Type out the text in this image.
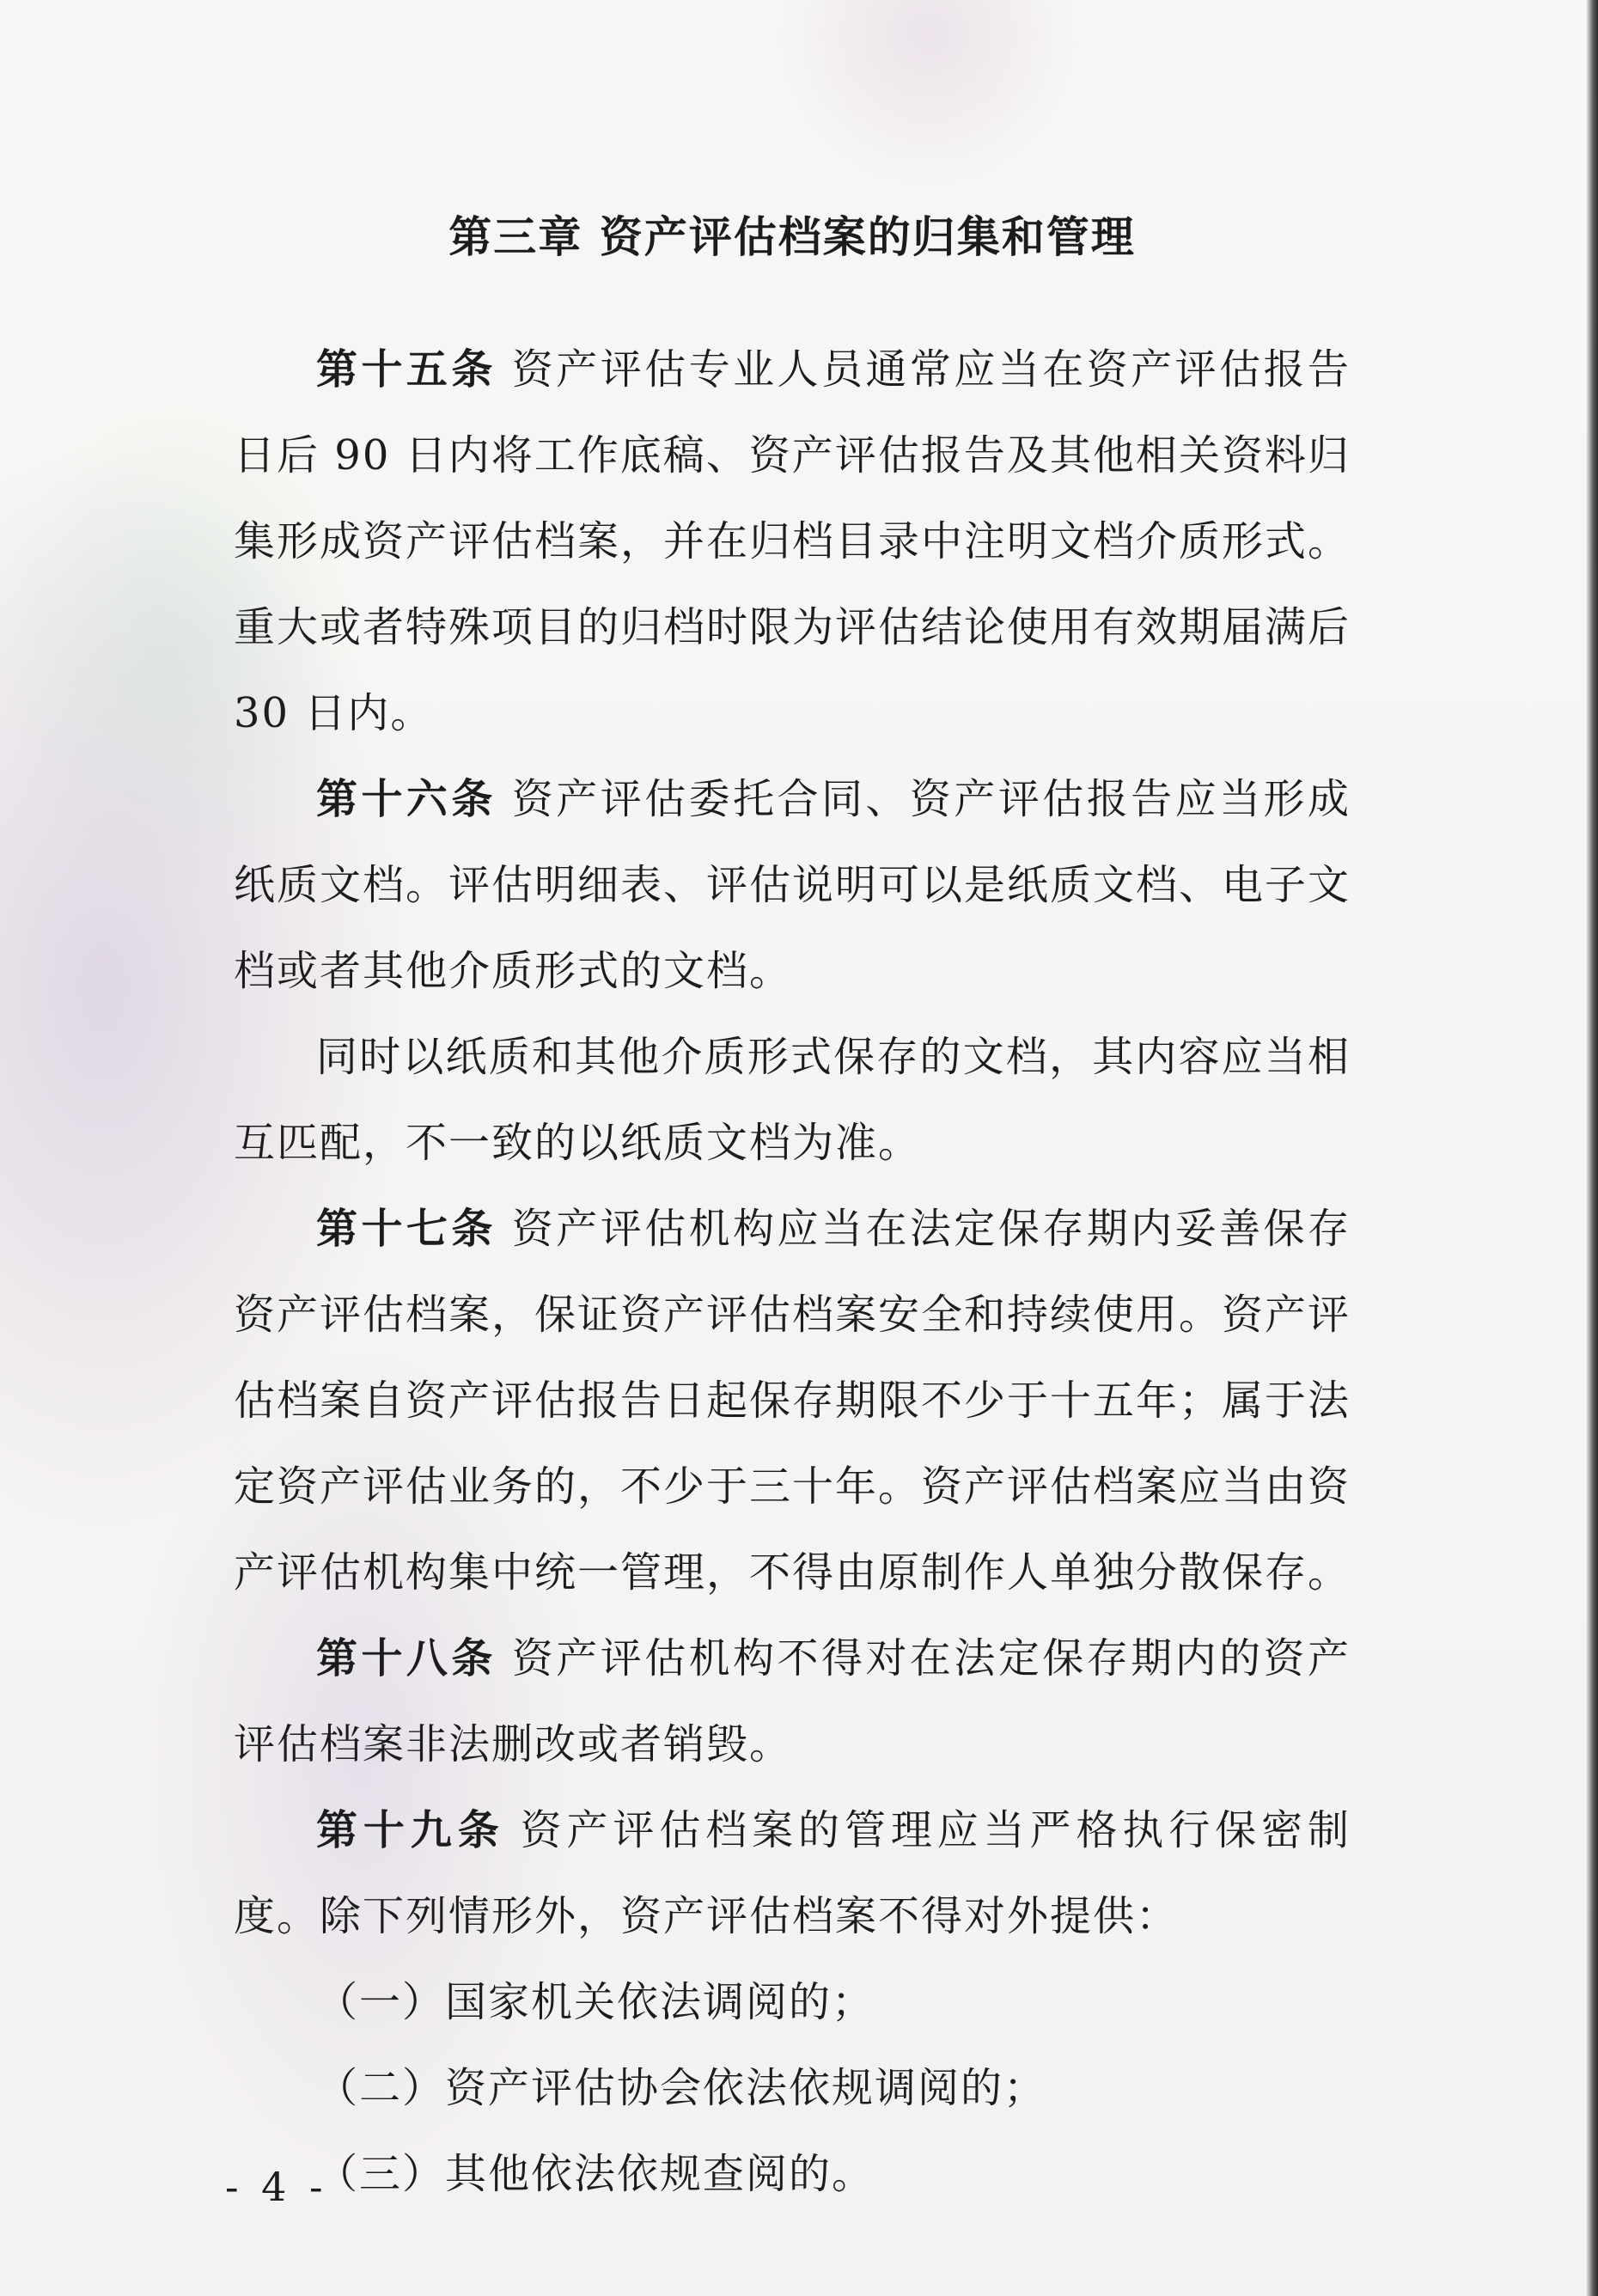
第三章 资产评估档案的归集和管理

第十五条 资产评估专业人员通常应当在资产评估报告日后 90 日内将工作底稿、资产评估报告及其他相关资料归集形成资产评估档案，并在归档目录中注明文档介质形式。重大或者特殊项目的归档时限为评估结论使用有效期届满后 30 日内。

第十六条 资产评估委托合同、资产评估报告应当形成纸质文档。评估明细表、评估说明可以是纸质文档、电子文档或者其他介质形式的文档。

同时以纸质和其他介质形式保存的文档，其内容应当相互匹配，不一致的以纸质文档为准。

第十七条 资产评估机构应当在法定保存期内妥善保存资产评估档案，保证资产评估档案安全和持续使用。资产评估档案自资产评估报告日起保存期限不少于十五年；属于法定资产评估业务的，不少于三十年。资产评估档案应当由资产评估机构集中统一管理，不得由原制作人单独分散保存。

第十八条 资产评估机构不得对在法定保存期内的资产评估档案非法删改或者销毁。

第十九条 资产评估档案的管理应当严格执行保密制度。除下列情形外，资产评估档案不得对外提供：

（一）国家机关依法调阅的；

（二）资产评估协会依法依规调阅的；

（三）其他依法依规查阅的。

- 4 -
